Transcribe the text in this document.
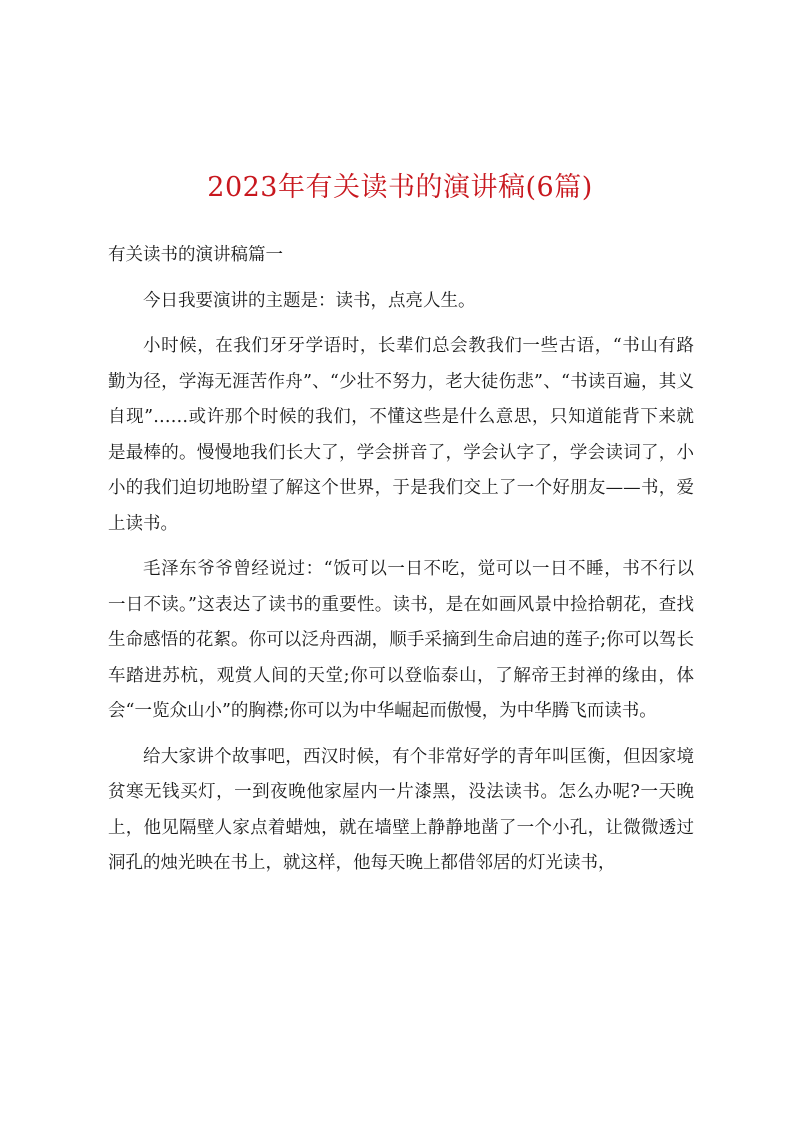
2023年有关读书的演讲稿(6篇)

有关读书的演讲稿篇一

今日我要演讲的主题是：读书，点亮人生。

小时候，在我们牙牙学语时，长辈们总会教我们一些古语，“书山有路勤为径，学海无涯苦作舟”、“少壮不努力，老大徒伤悲”、“书读百遍，其义自现”……或许那个时候的我们，不懂这些是什么意思，只知道能背下来就是最棒的。慢慢地我们长大了，学会拼音了，学会认字了，学会读词了，小小的我们迫切地盼望了解这个世界，于是我们交上了一个好朋友——书，爱上读书。

毛泽东爷爷曾经说过：“饭可以一日不吃，觉可以一日不睡，书不行以一日不读。”这表达了读书的重要性。读书，是在如画风景中捡拾朝花，查找生命感悟的花絮。你可以泛舟西湖，顺手采摘到生命启迪的莲子;你可以驾长车踏进苏杭，观赏人间的天堂;你可以登临泰山，了解帝王封禅的缘由，体会“一览众山小”的胸襟;你可以为中华崛起而傲慢，为中华腾飞而读书。

给大家讲个故事吧，西汉时候，有个非常好学的青年叫匡衡，但因家境贫寒无钱买灯，一到夜晚他家屋内一片漆黑，没法读书。怎么办呢?一天晚上，他见隔壁人家点着蜡烛，就在墙壁上静静地凿了一个小孔，让微微透过洞孔的烛光映在书上，就这样，他每天晚上都借邻居的灯光读书，
